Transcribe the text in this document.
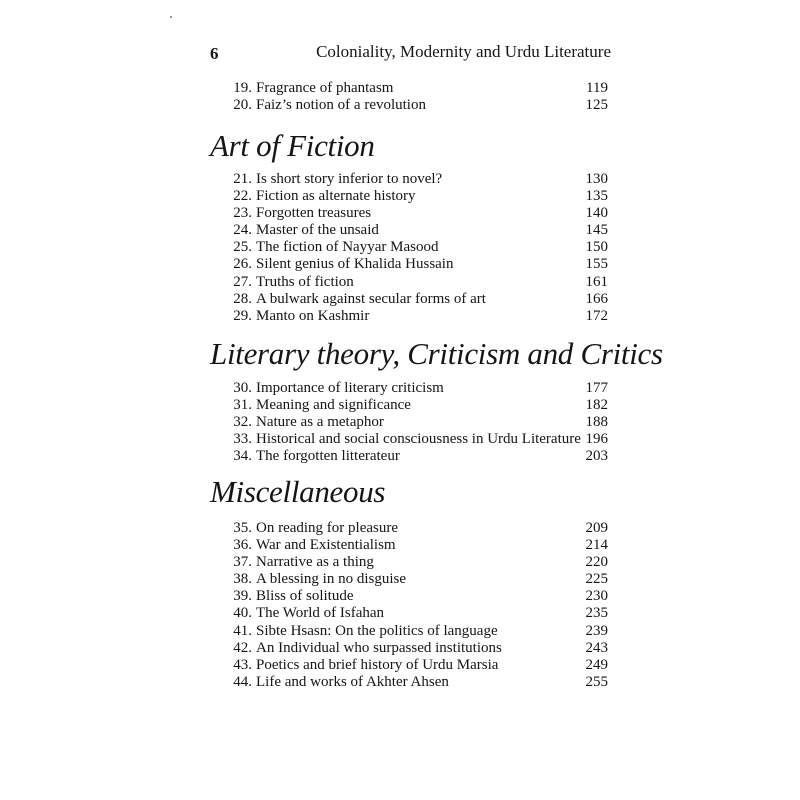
6	Coloniality, Modernity and Urdu Literature
19. Fragrance of phantasm	119
20. Faiz’s notion of a revolution	125
Art of Fiction
21. Is short story inferior to novel?	130
22. Fiction as alternate history	135
23. Forgotten treasures	140
24. Master of the unsaid	145
25. The fiction of Nayyar Masood	150
26. Silent genius of Khalida Hussain	155
27. Truths of fiction	161
28. A bulwark against secular forms of art	166
29. Manto on Kashmir	172
Literary theory, Criticism and Critics
30. Importance of literary criticism	177
31. Meaning and significance	182
32. Nature as a metaphor	188
33. Historical and social consciousness in Urdu Literature 196
34. The forgotten litterateur	203
Miscellaneous
35. On reading for pleasure	209
36. War and Existentialism	214
37. Narrative as a thing	220
38. A blessing in no disguise	225
39. Bliss of solitude	230
40. The World of Isfahan	235
41. Sibte Hsasn: On the politics of language	239
42. An Individual who surpassed institutions	243
43. Poetics and brief history of Urdu Marsia	249
44. Life and works of Akhter Ahsen	255
